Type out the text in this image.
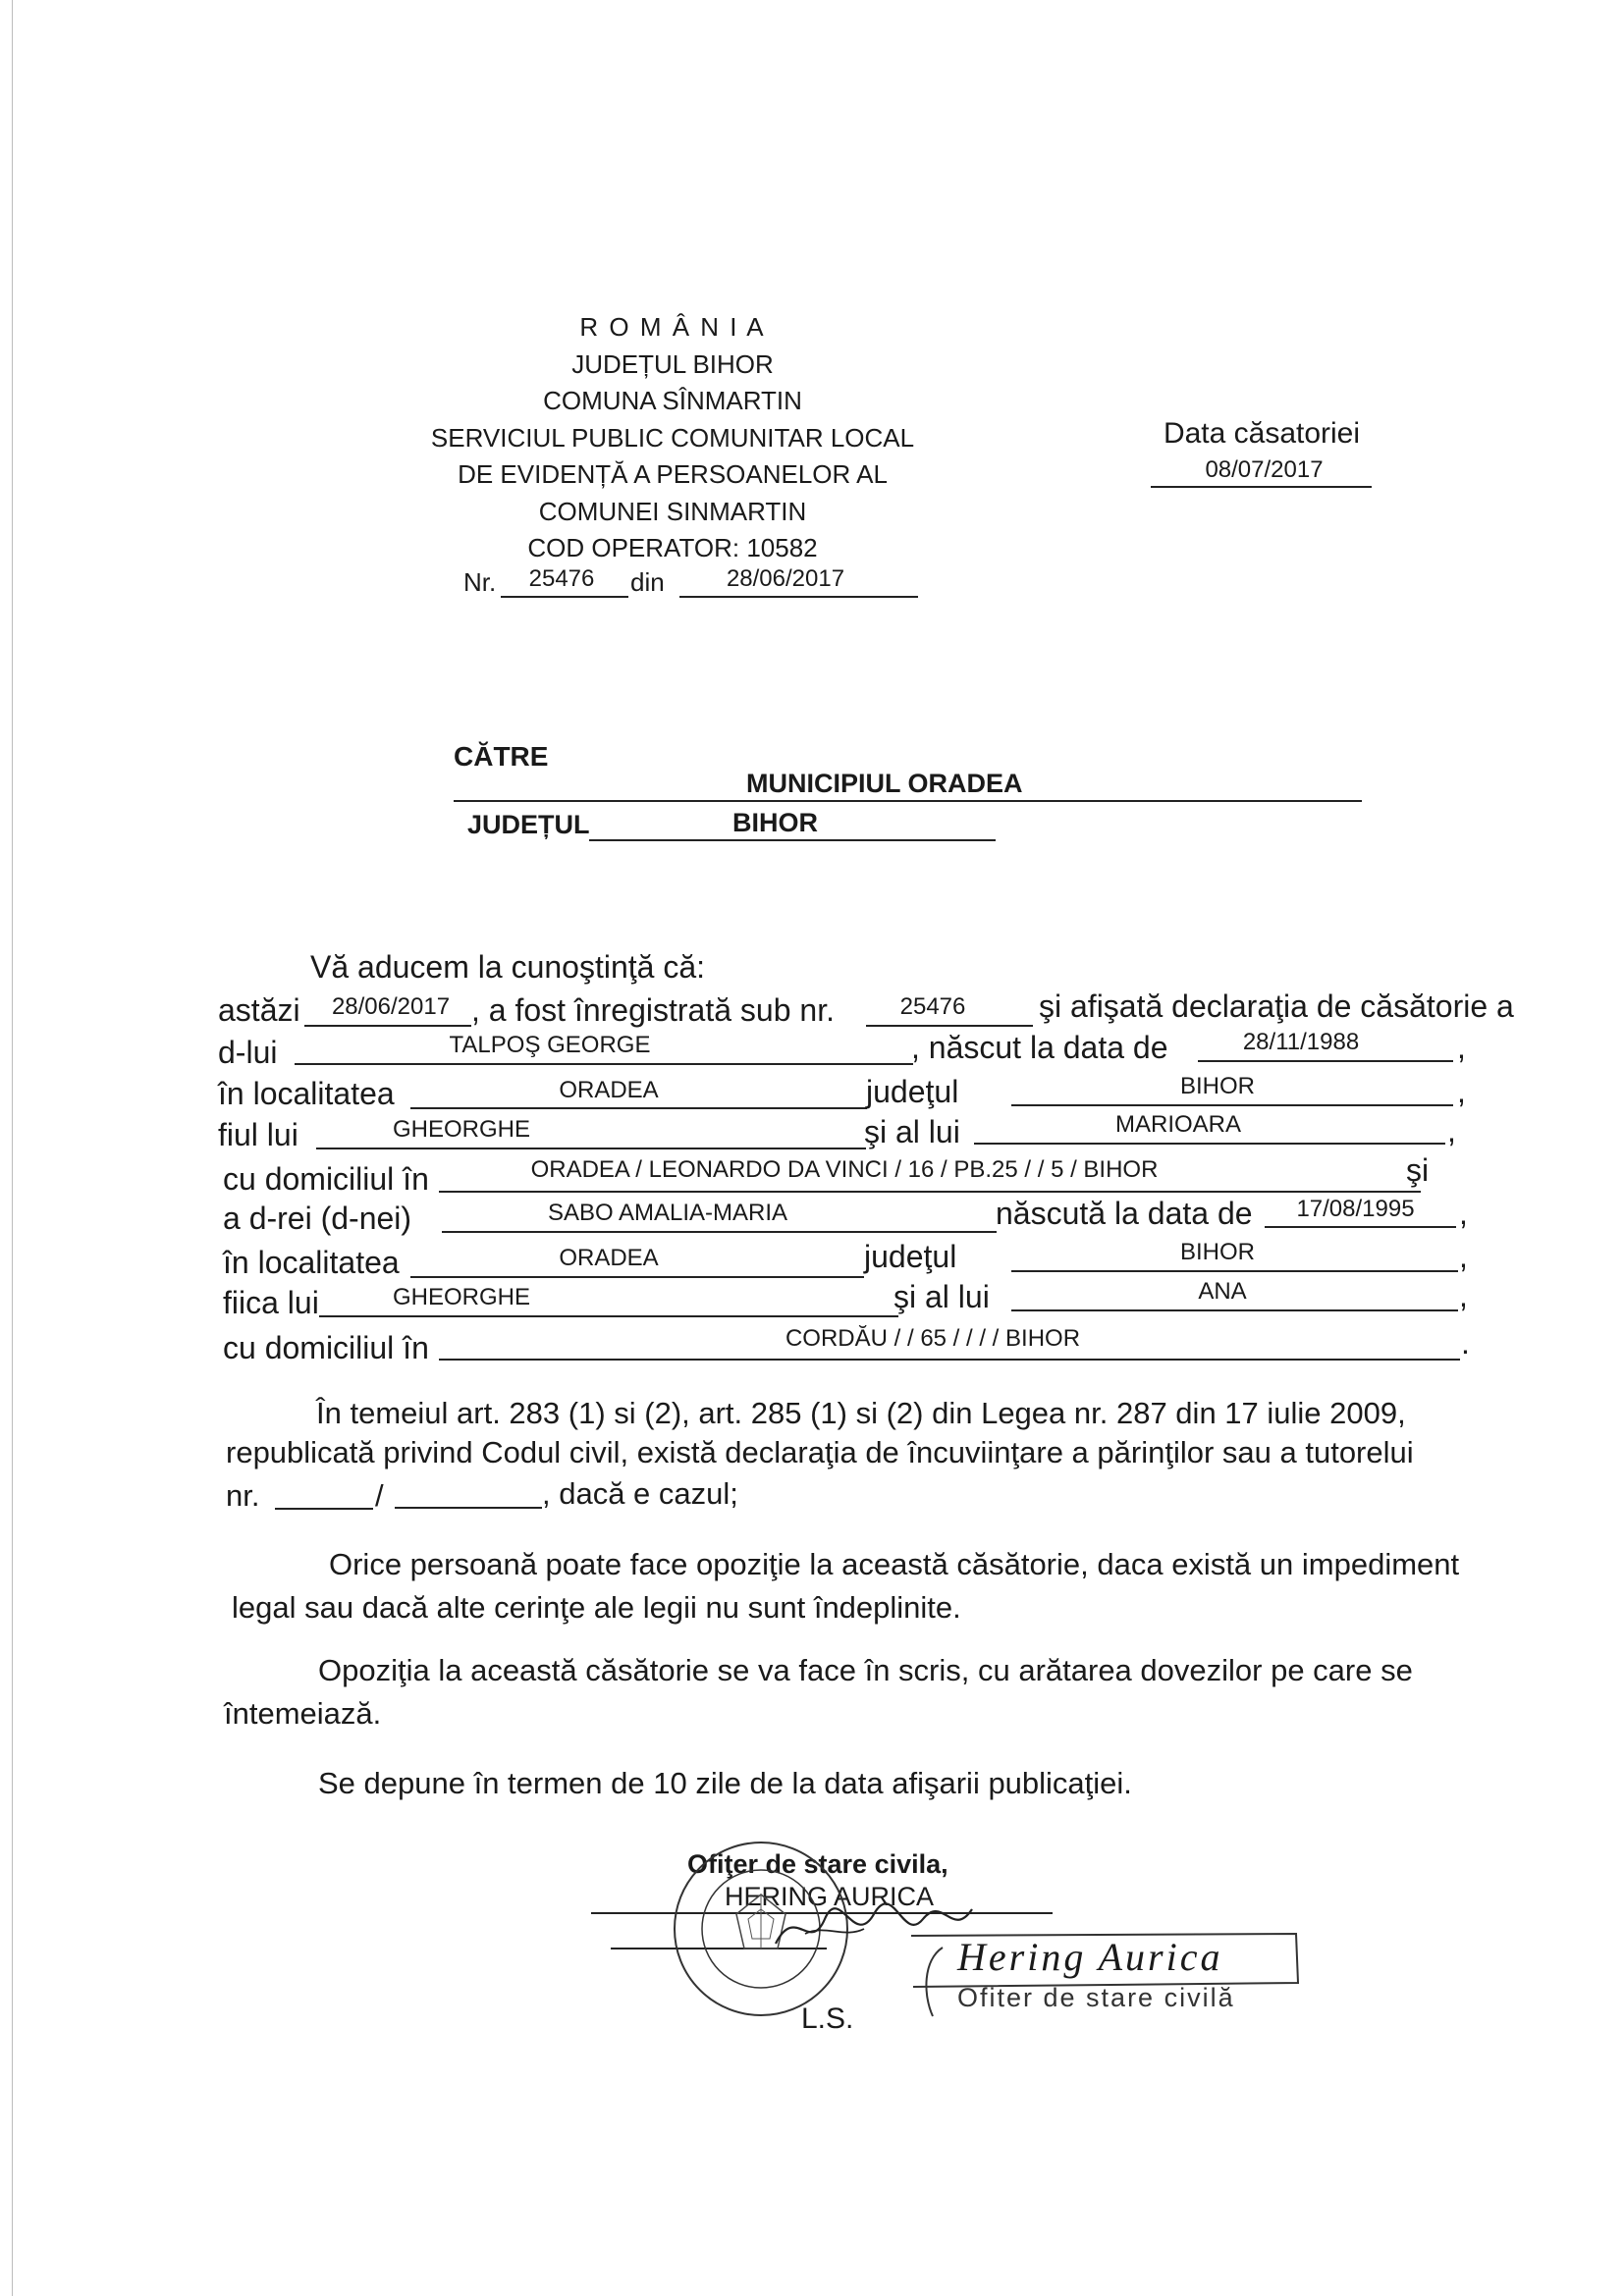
R O M Â N I A
JUDEȚUL BIHOR
COMUNA SÎNMARTIN
SERVICIUL PUBLIC COMUNITAR LOCAL
DE EVIDENȚĂ A PERSOANELOR AL
COMUNEI SINMARTIN
COD OPERATOR: 10582
Nr.	25476	din	28/06/2017
Data căsatoriei
08/07/2017
CĂTRE
MUNICIPIUL ORADEA
JUDEȚUL	BIHOR
Vă aducem la cunoştinţă că:
astăzi	28/06/2017 , a fost înregistrată sub nr.	25476	şi afişată declaraţia de căsătorie a
d-lui	TALPOŞ GEORGE	, născut la data de	28/11/1988	,
în localitatea	ORADEA	judeţul	BIHOR	,
fiul lui	GHEORGHE	şi al lui	MARIOARA	,
cu domiciliul în	ORADEA / LEONARDO DA VINCI / 16 / PB.25 / / 5 / BIHOR	şi
a d-rei (d-nei)	SABO AMALIA-MARIA	născută la data de	17/08/1995	,
în localitatea	ORADEA	judeţul	BIHOR	,
fiica lui	GHEORGHE	şi al lui	ANA	,
cu domiciliul în	CORDĂU / / 65 / / / / BIHOR	.
În temeiul art. 283 (1) si (2), art. 285 (1) si (2) din Legea nr. 287 din 17 iulie 2009,
republicată privind Codul civil, există declaraţia de încuviinţare a părinţilor sau a tutorelui
nr.	/	, dacă e cazul;
Orice persoană poate face opoziţie la această căsătorie, daca există un impediment
legal sau dacă alte cerinţe ale legii nu sunt îndeplinite.
Opoziţia la această căsătorie se va face în scris, cu arătarea dovezilor pe care se
întemeiază.
Se depune în termen de 10 zile de la data afişarii publicaţiei.
Ofiţer de stare civila,
HERING AURICA
L.S.
Hering Aurica
Ofiter de stare civilă
